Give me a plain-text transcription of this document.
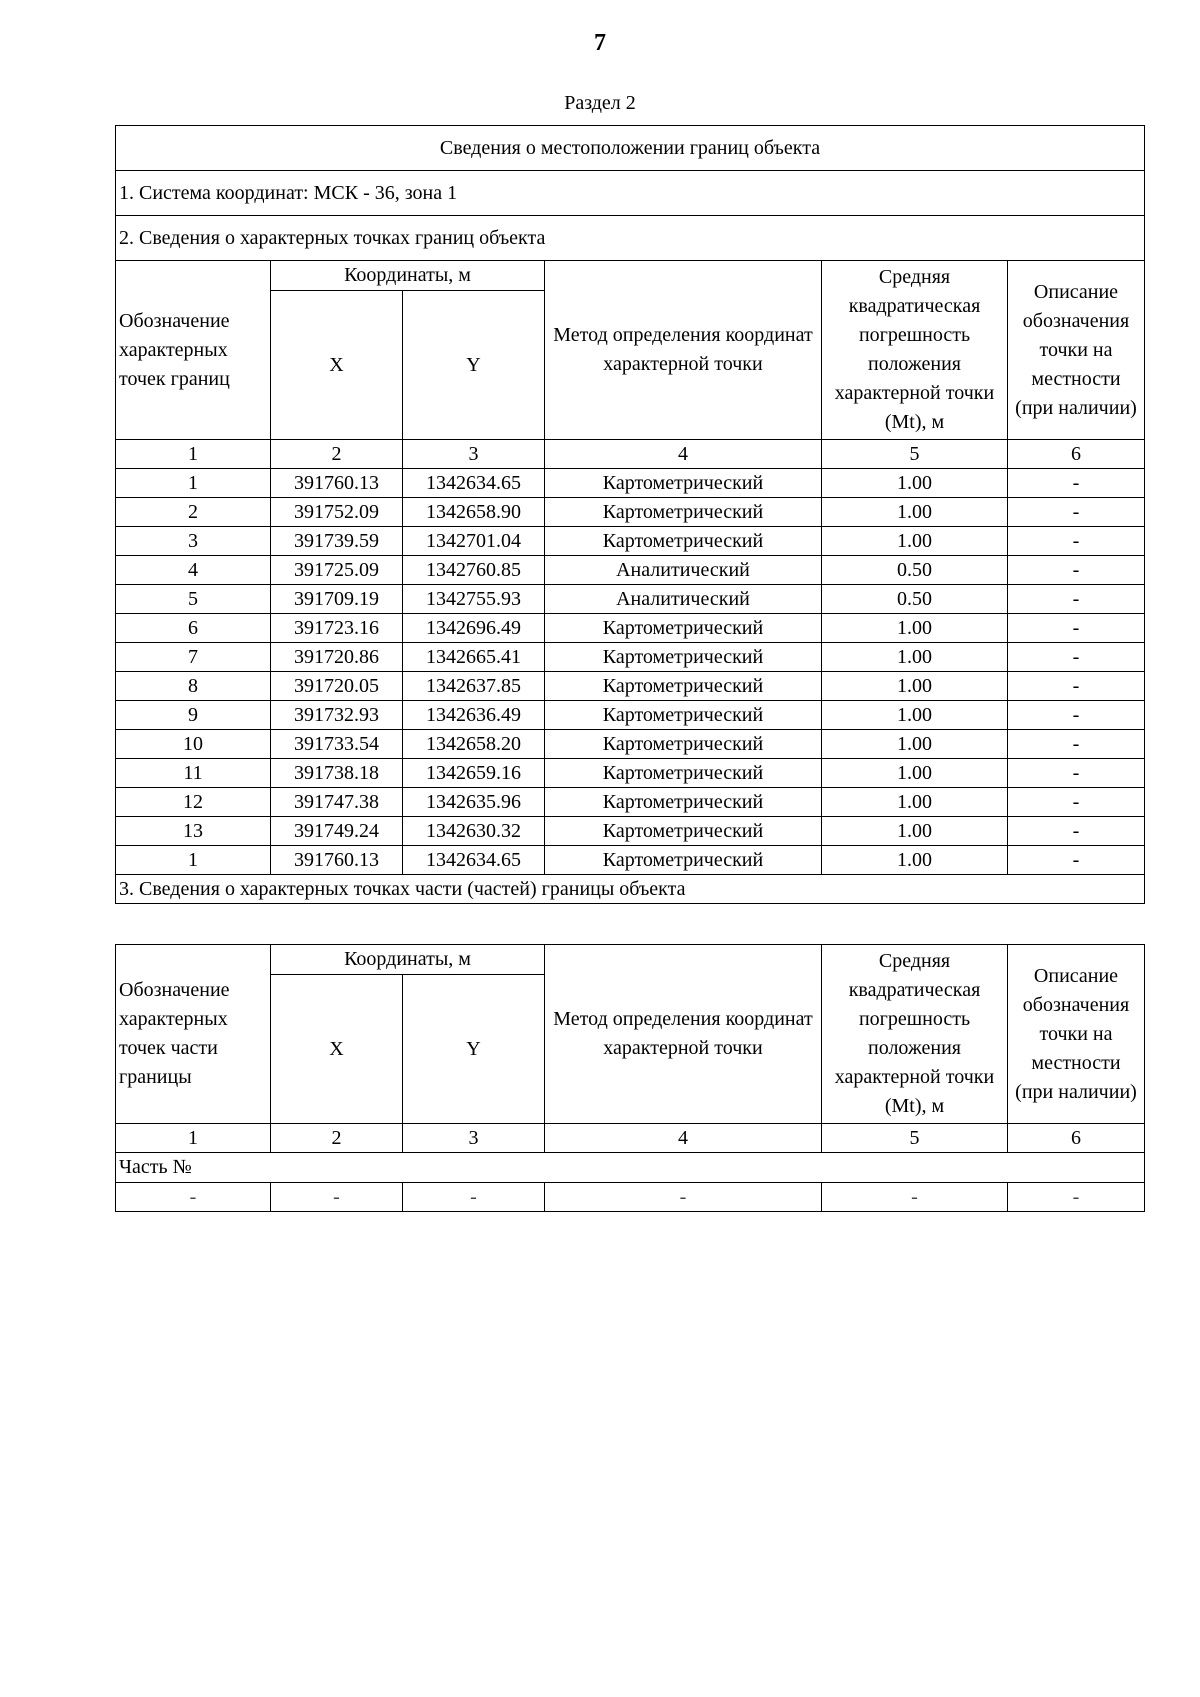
7
Раздел 2
Сведения о местоположении границ объекта					
1. Система координат: МСК - 36, зона 1					
2. Сведения о характерных точках границ объекта					
Обозначение характерных точек границ	Координаты, м		Метод определения координат характерной точки	Средняя квадратическая погрешность положения характерной точки (Mt), м	Описание обозначения точки на местности (при наличии)
	X	Y			
1	2	3	4	5	6
1	391760.13	1342634.65	Картометрический	1.00	-
2	391752.09	1342658.90	Картометрический	1.00	-
3	391739.59	1342701.04	Картометрический	1.00	-
4	391725.09	1342760.85	Аналитический	0.50	-
5	391709.19	1342755.93	Аналитический	0.50	-
6	391723.16	1342696.49	Картометрический	1.00	-
7	391720.86	1342665.41	Картометрический	1.00	-
8	391720.05	1342637.85	Картометрический	1.00	-
9	391732.93	1342636.49	Картометрический	1.00	-
10	391733.54	1342658.20	Картометрический	1.00	-
11	391738.18	1342659.16	Картометрический	1.00	-
12	391747.38	1342635.96	Картометрический	1.00	-
13	391749.24	1342630.32	Картометрический	1.00	-
1	391760.13	1342634.65	Картометрический	1.00	-
3. Сведения о характерных точках части (частей) границы объекта					
Обозначение характерных точек части границы	Координаты, м		Метод определения координат характерной точки	Средняя квадратическая погрешность положения характерной точки (Mt), м	Описание обозначения точки на местности (при наличии)
	X	Y			
1	2	3	4	5	6
Часть №					
-	-	-	-	-	-
